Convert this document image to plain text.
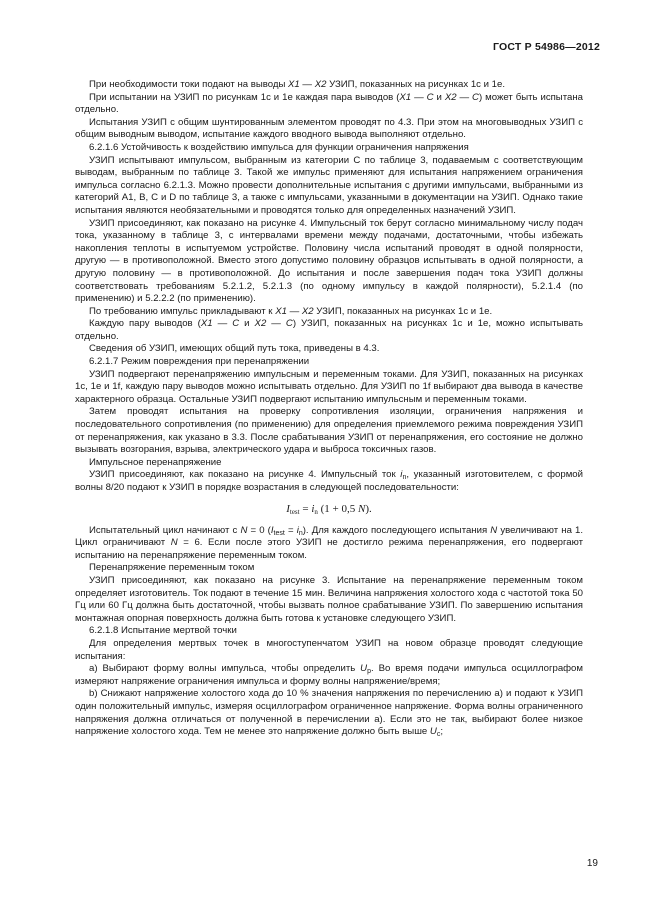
ГОСТ Р 54986—2012

При необходимости токи подают на выводы X1 — X2 УЗИП, показанных на рисунках 1с и 1е.

При испытании на УЗИП по рисункам 1с и 1е каждая пара выводов (X1 — C и X2 — C) может быть испытана отдельно.

Испытания УЗИП с общим шунтированным элементом проводят по 4.3. При этом на многовыводных УЗИП с общим выводным выводом, испытание каждого вводного вывода выполняют отдельно.

6.2.1.6 Устойчивость к воздействию импульса для функции ограничения напряжения

УЗИП испытывают импульсом, выбранным из категории C по таблице 3, подаваемым с соответствующим выводам, выбранным по таблице 3. Такой же импульс применяют для испытания напряжением ограничения импульса согласно 6.2.1.3. Можно провести дополнительные испытания с другими импульсами, выбранными из категорий A1, B, C и D по таблице 3, а также с импульсами, указанными в документации на УЗИП. Однако такие испытания являются необязательными и проводятся только для определенных назначений УЗИП.

УЗИП присоединяют, как показано на рисунке 4. Импульсный ток берут согласно минимальному числу подач тока, указанному в таблице 3, с интервалами времени между подачами, достаточными, чтобы избежать накопления теплоты в испытуемом устройстве. Половину числа испытаний проводят в одной полярности, другую — в противоположной. Вместо этого допустимо половину образцов испытывать в одной полярности, а другую половину — в противоположной. До испытания и после завершения подач тока УЗИП должны соответствовать требованиям 5.2.1.2, 5.2.1.3 (по одному импульсу в каждой полярности), 5.2.1.4 (по применению) и 5.2.2.2 (по применению).

По требованию импульс прикладывают к X1 — X2 УЗИП, показанных на рисунках 1с и 1е.

Каждую пару выводов (X1 — C и X2 — C) УЗИП, показанных на рисунках 1с и 1е, можно испытывать отдельно.

Сведения об УЗИП, имеющих общий путь тока, приведены в 4.3.

6.2.1.7 Режим повреждения при перенапряжении

УЗИП подвергают перенапряжению импульсным и переменным токами. Для УЗИП, показанных на рисунках 1с, 1е и 1f, каждую пару выводов можно испытывать отдельно. Для УЗИП по 1f выбирают два вывода в качестве характерного образца. Остальные УЗИП подвергают испытанию импульсным и переменным токами.

Затем проводят испытания на проверку сопротивления изоляции, ограничения напряжения и последовательного сопротивления (по применению) для определения приемлемого режима повреждения УЗИП от перенапряжения, как указано в 3.3. После срабатывания УЗИП от перенапряжения, его состояние не должно вызывать возгорания, взрыва, электрического удара и выброса токсичных газов.

Импульсное перенапряжение

УЗИП присоединяют, как показано на рисунке 4. Импульсный ток $i_n$, указанный изготовителем, с формой волны 8/20 подают к УЗИП в порядке возрастания в следующей последовательности:

$I_{test} = i_n$ (1 + 0,5 N).

Испытательный цикл начинают с N = 0 $(I_{test} = i_n)$. Для каждого последующего испытания N увеличивают на 1. Цикл ограничивают N = 6. Если после этого УЗИП не достигло режима перенапряжения, его подвергают испытанию на перенапряжение переменным током.

Перенапряжение переменным током

УЗИП присоединяют, как показано на рисунке 3. Испытание на перенапряжение переменным током определяет изготовитель. Ток подают в течение 15 мин. Величина напряжения холостого хода с частотой тока 50 Гц или 60 Гц должна быть достаточной, чтобы вызвать полное срабатывание УЗИП. По завершению испытания монтажная опорная поверхность должна быть готова к установке следующего УЗИП.

6.2.1.8 Испытание мертвой точки

Для определения мертвых точек в многоступенчатом УЗИП на новом образце проводят следующие испытания:

а) Выбирают форму волны импульса, чтобы определить $U_p$. Во время подачи импульса осциллографом измеряют напряжение ограничения импульса и форму волны напряжение/время;

b) Снижают напряжение холостого хода до 10 % значения напряжения по перечислению а) и подают к УЗИП один положительный импульс, измеряя осциллографом ограниченное напряжение. Форма волны ограниченного напряжения должна отличаться от полученной в перечислении а). Если это не так, выбирают более низкое напряжение холостого хода. Тем не менее это напряжение должно быть выше $U_c$;

19
